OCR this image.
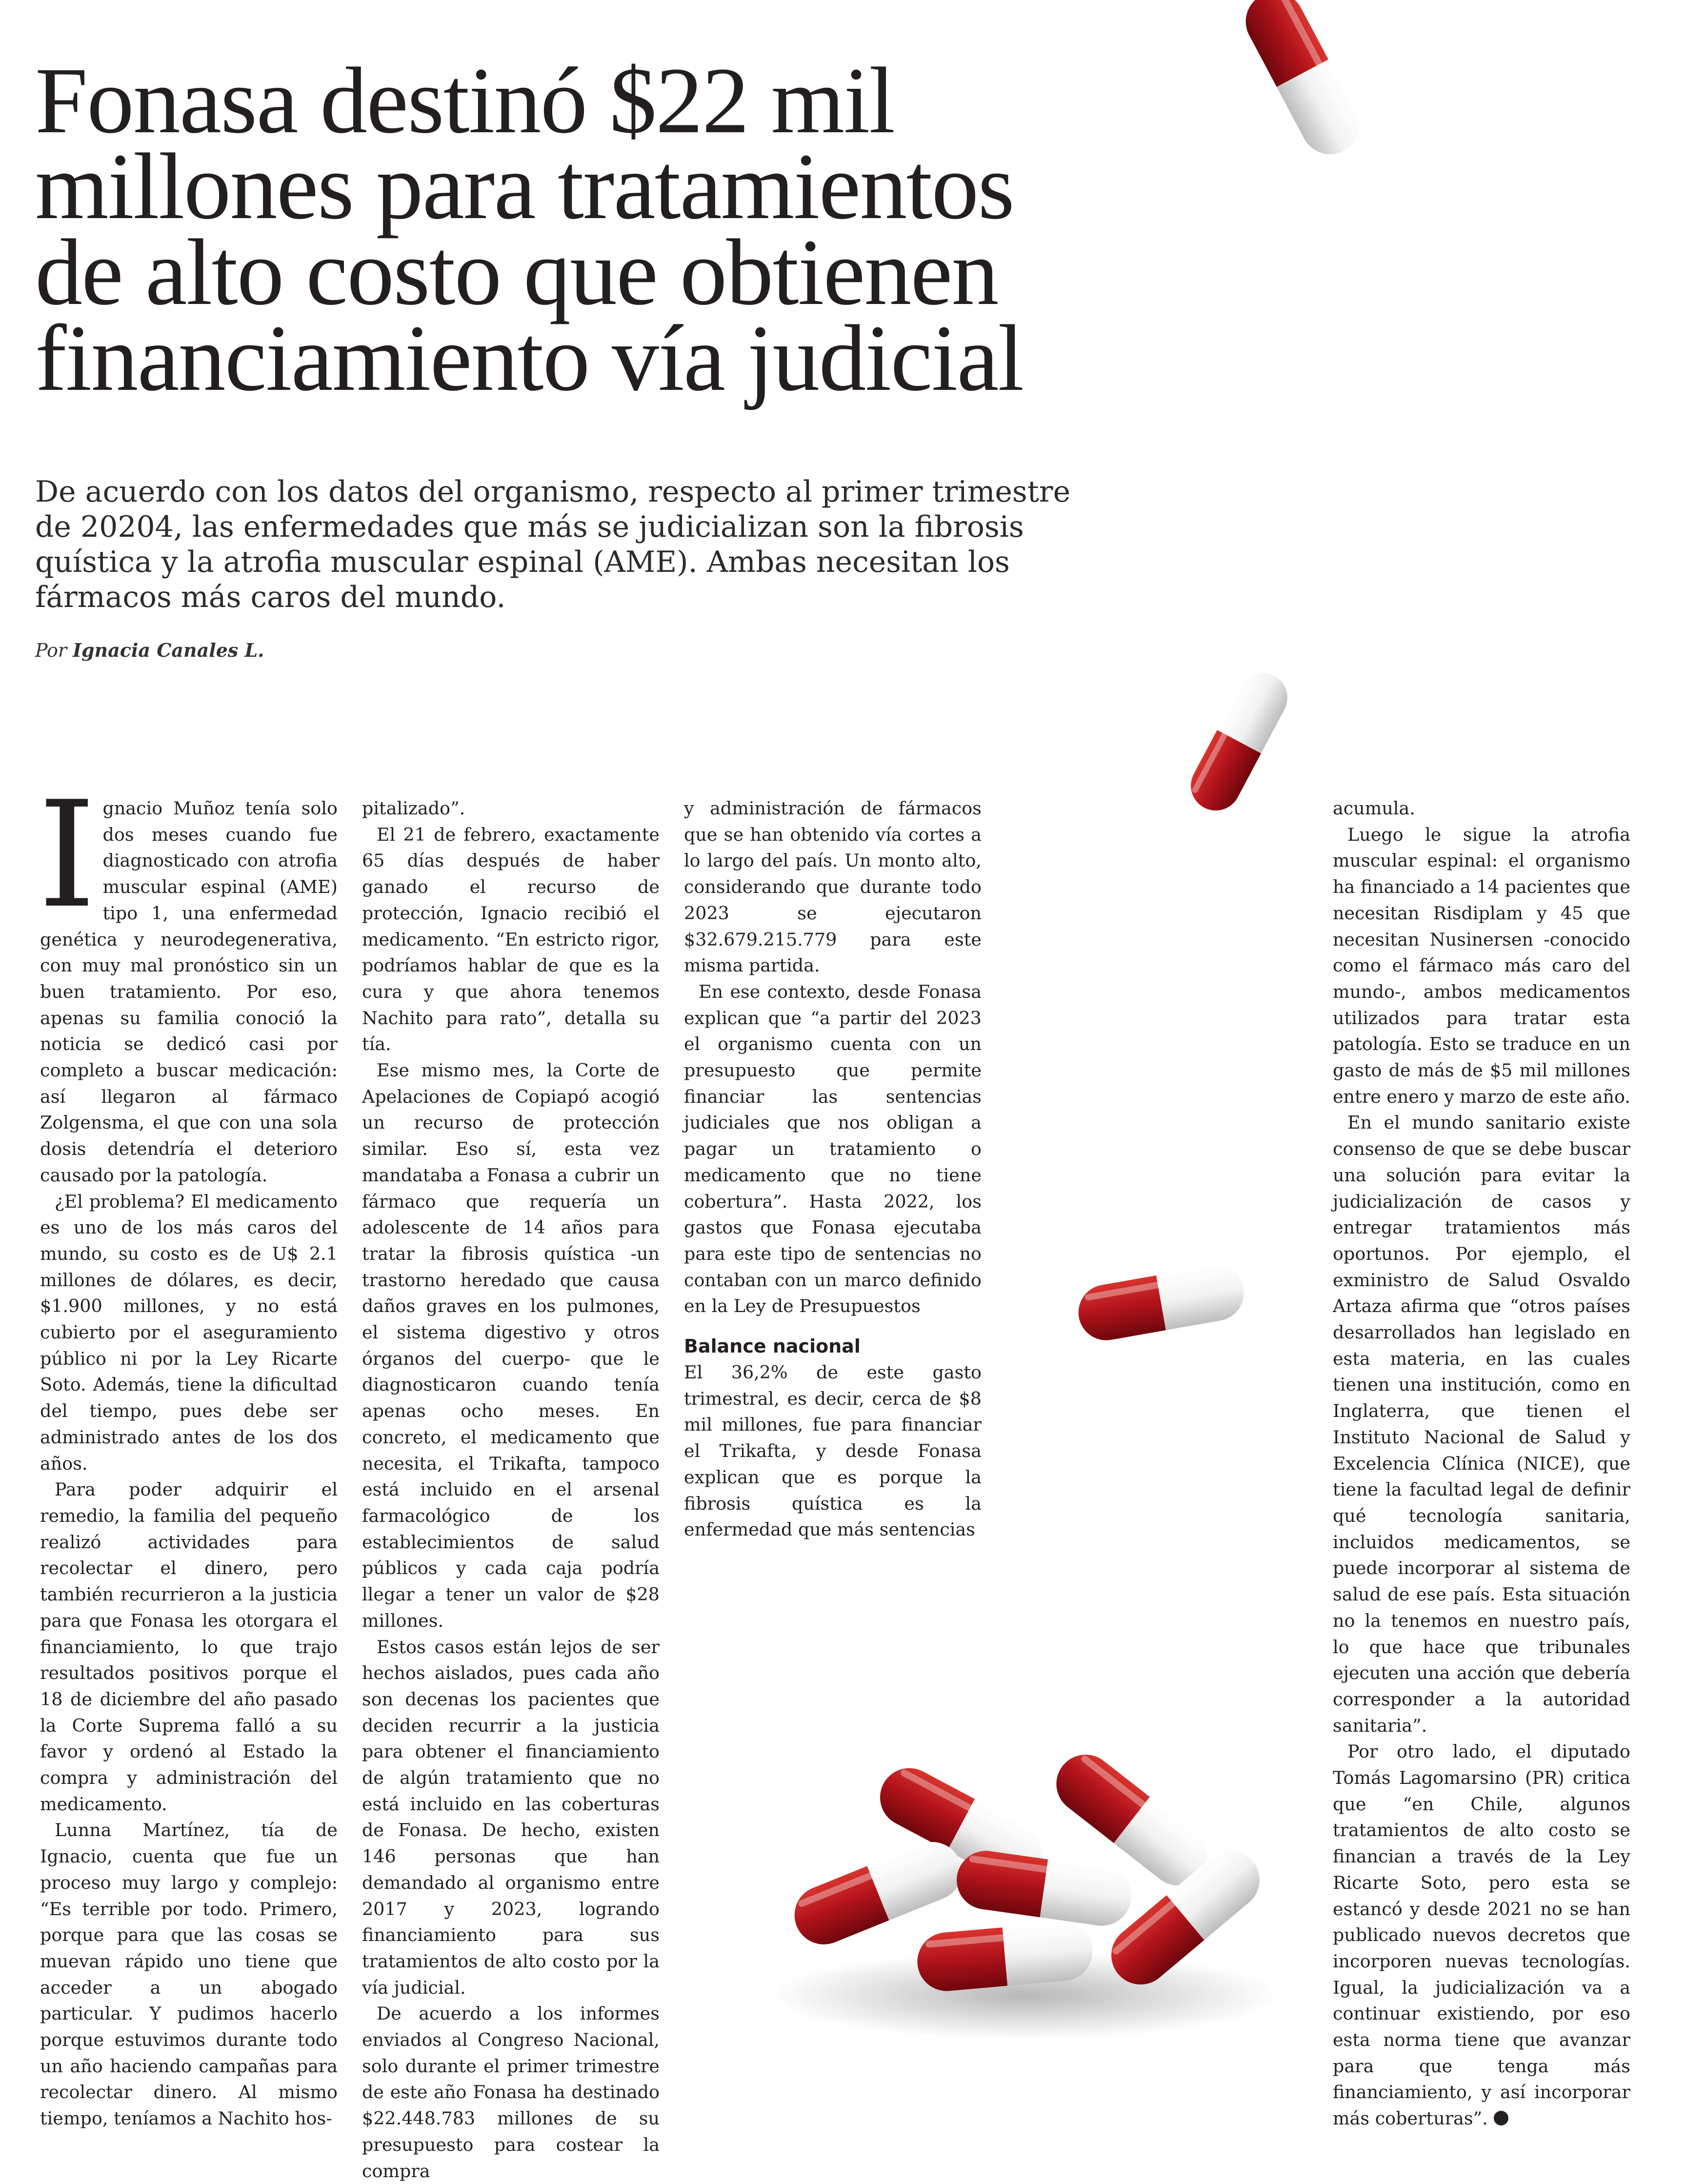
Fonasa destinó $22 mil
millones para tratamientos
de alto costo que obtienen
financiamiento vía judicial

De acuerdo con los datos del organismo, respecto al primer trimestre de 20204, las enfermedades que más se judicializan son la fibrosis quística y la atrofia muscular espinal (AME). Ambas necesitan los fármacos más caros del mundo.

Por Ignacia Canales L.

I gnacio Muñoz tenía solo dos meses cuando fue diagnosticado con atrofia muscular espinal (AME) tipo 1, una enfermedad genética y neurodegenerativa, con muy mal pronóstico sin un buen tratamiento. Por eso, apenas su familia conoció la noticia se dedicó casi por completo a buscar medicación: así llegaron al fármaco Zolgensma, el que con una sola dosis detendría el deterioro causado por la patología.

¿El problema? El medicamento es uno de los más caros del mundo, su costo es de U$ 2.1 millones de dólares, es decir, $1.900 millones, y no está cubierto por el aseguramiento público ni por la Ley Ricarte Soto. Además, tiene la dificultad del tiempo, pues debe ser administrado antes de los dos años.

Para poder adquirir el remedio, la familia del pequeño realizó actividades para recolectar el dinero, pero también recurrieron a la justicia para que Fonasa les otorgara el financiamiento, lo que trajo resultados positivos porque el 18 de diciembre del año pasado la Corte Suprema falló a su favor y ordenó al Estado la compra y administración del medicamento.

Lunna Martínez, tía de Ignacio, cuenta que fue un proceso muy largo y complejo: “Es terrible por todo. Primero, porque para que las cosas se muevan rápido uno tiene que acceder a un abogado particular. Y pudimos hacerlo porque estuvimos durante todo un año haciendo campañas para recolectar dinero. Al mismo tiempo, teníamos a Nachito hos-

pitalizado”.

El 21 de febrero, exactamente 65 días después de haber ganado el recurso de protección, Ignacio recibió el medicamento. “En estricto rigor, podríamos hablar de que es la cura y que ahora tenemos Nachito para rato”, detalla su tía.

Ese mismo mes, la Corte de Apelaciones de Copiapó acogió un recurso de protección similar. Eso sí, esta vez mandataba a Fonasa a cubrir un fármaco que requería un adolescente de 14 años para tratar la fibrosis quística -un trastorno heredado que causa daños graves en los pulmones, el sistema digestivo y otros órganos del cuerpo- que le diagnosticaron cuando tenía apenas ocho meses. En concreto, el medicamento que necesita, el Trikafta, tampoco está incluido en el arsenal farmacológico de los establecimientos de salud públicos y cada caja podría llegar a tener un valor de $28 millones.

Estos casos están lejos de ser hechos aislados, pues cada año son decenas los pacientes que deciden recurrir a la justicia para obtener el financiamiento de algún tratamiento que no está incluido en las coberturas de Fonasa. De hecho, existen 146 personas que han demandado al organismo entre 2017 y 2023, logrando financiamiento para sus tratamientos de alto costo por la vía judicial.

De acuerdo a los informes enviados al Congreso Nacional, solo durante el primer trimestre de este año Fonasa ha destinado $22.448.783 millones de su presupuesto para costear la compra

y administración de fármacos que se han obtenido vía cortes a lo largo del país. Un monto alto, considerando que durante todo 2023 se ejecutaron $32.679.215.779 para este misma partida.

En ese contexto, desde Fonasa explican que “a partir del 2023 el organismo cuenta con un presupuesto que permite financiar las sentencias judiciales que nos obligan a pagar un tratamiento o medicamento que no tiene cobertura”. Hasta 2022, los gastos que Fonasa ejecutaba para este tipo de sentencias no contaban con un marco definido en la Ley de Presupuestos

Balance nacional

El 36,2% de este gasto trimestral, es decir, cerca de $8 mil millones, fue para financiar el Trikafta, y desde Fonasa explican que es porque la fibrosis quística es la enfermedad que más sentencias

acumula.

Luego le sigue la atrofia muscular espinal: el organismo ha financiado a 14 pacientes que necesitan Risdiplam y 45 que necesitan Nusinersen -conocido como el fármaco más caro del mundo-, ambos medicamentos utilizados para tratar esta patología. Esto se traduce en un gasto de más de $5 mil millones entre enero y marzo de este año.

En el mundo sanitario existe consenso de que se debe buscar una solución para evitar la judicialización de casos y entregar tratamientos más oportunos. Por ejemplo, el exministro de Salud Osvaldo Artaza afirma que “otros países desarrollados han legislado en esta materia, en las cuales tienen una institución, como en Inglaterra, que tienen el Instituto Nacional de Salud y Excelencia Clínica (NICE), que tiene la facultad legal de definir qué tecnología sanitaria, incluidos medicamentos, se puede incorporar al sistema de salud de ese país. Esta situación no la tenemos en nuestro país, lo que hace que tribunales ejecuten una acción que debería corresponder a la autoridad sanitaria”.

Por otro lado, el diputado Tomás Lagomarsino (PR) critica que “en Chile, algunos tratamientos de alto costo se financian a través de la Ley Ricarte Soto, pero esta se estancó y desde 2021 no se han publicado nuevos decretos que incorporen nuevas tecnologías. Igual, la judicialización va a continuar existiendo, por eso esta norma tiene que avanzar para que tenga más financiamiento, y así incorporar más coberturas”.
